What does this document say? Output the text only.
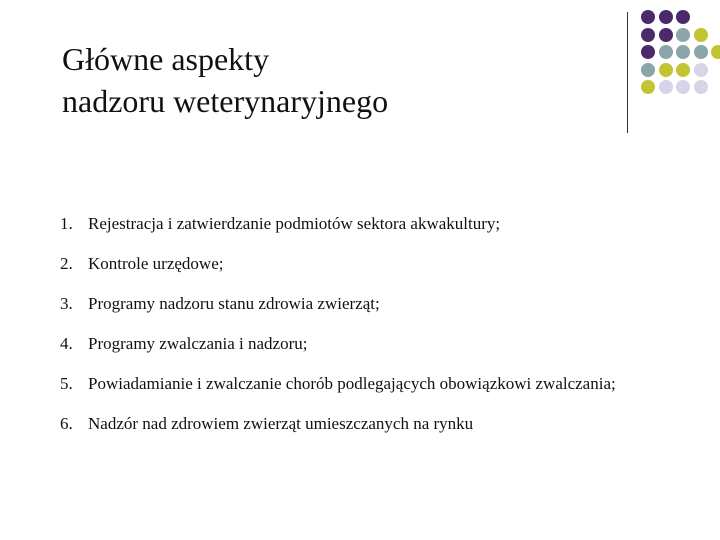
Główne aspekty
nadzoru weterynaryjnego
1. Rejestracja i zatwierdzanie podmiotów sektora akwakultury;
2. Kontrole urzędowe;
3. Programy nadzoru stanu zdrowia zwierząt;
4. Programy zwalczania i nadzoru;
5. Powiadamianie i zwalczanie chorób podlegających obowiązkowi zwalczania;
6. Nadzór nad zdrowiem zwierząt umieszczanych na rynku
